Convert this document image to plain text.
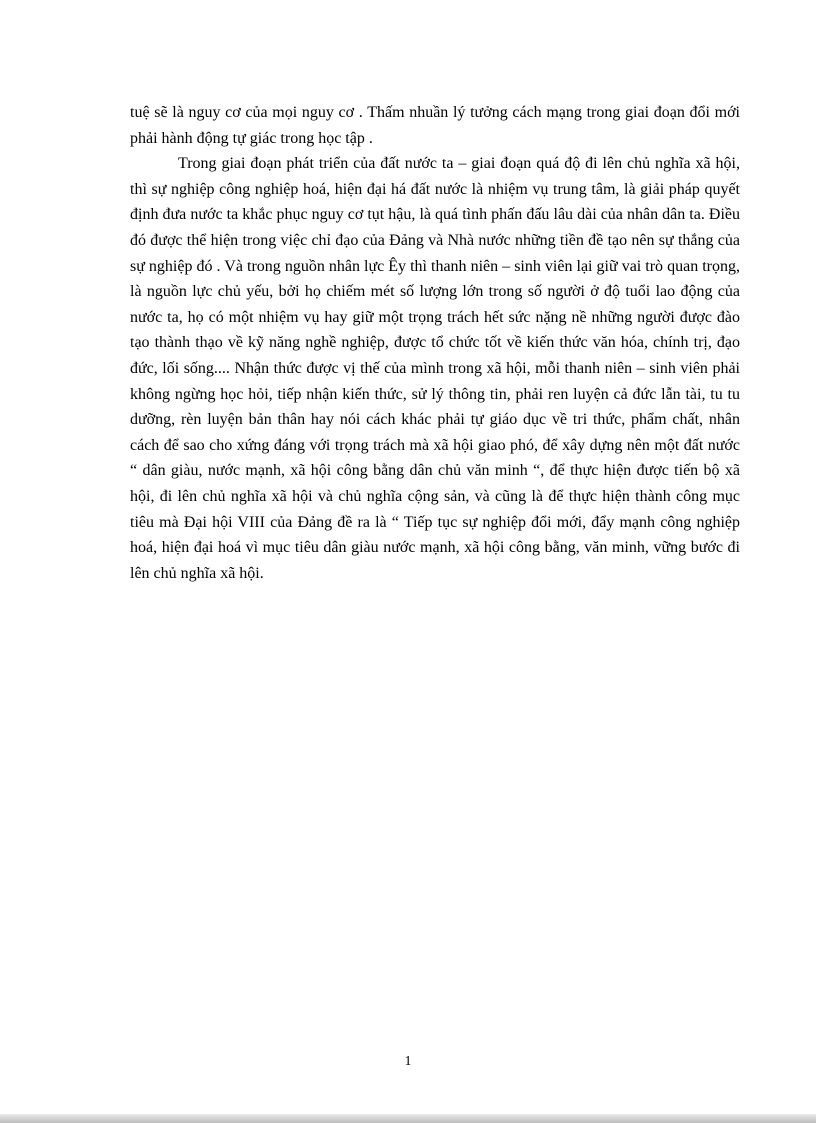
tuệ sẽ là nguy cơ của mọi nguy cơ . Thấm nhuần lý tưởng cách mạng trong giai đoạn đổi mới phải hành động tự giác trong học tập .

Trong giai đoạn phát triển của đất nước ta – giai đoạn quá độ đi lên chủ nghĩa xã hội, thì sự nghiệp công nghiệp hoá, hiện đại há đất nước là nhiệm vụ trung tâm, là giải pháp quyết định đưa nước ta khắc phục nguy cơ tụt hậu, là quá tình phấn đấu lâu dài của nhân dân ta. Điều đó được thể hiện trong việc chỉ đạo của Đảng và Nhà nước những tiền đề tạo nên sự thắng của sự nghiệp đó . Và trong nguồn nhân lực Êy thì thanh niên – sinh viên lại giữ vai trò quan trọng, là nguồn lực chủ yếu, bởi họ chiếm mét số lượng lớn trong số người ở độ tuổi lao động của nước ta, họ có một nhiệm vụ hay giữ một trọng trách hết sức nặng nề những người được đào tạo thành thạo về kỹ năng nghề nghiệp, được tổ chức tốt về kiến thức văn hóa, chính trị, đạo đức, lối sống.... Nhận thức được vị thế của mình trong xã hội, mỗi thanh niên – sinh viên phải không ngừng học hỏi, tiếp nhận kiến thức, sử lý thông tin, phải ren luyện cả đức lẫn tài, tu tu dưỡng, rèn luyện bản thân hay nói cách khác phải tự giáo dục về tri thức, phẩm chất, nhân cách để sao cho xứng đáng với trọng trách mà xã hội giao phó, để xây dựng nên một đất nước “ dân giàu, nước mạnh, xã hội công bằng dân chủ văn minh “, để thực hiện được tiến bộ xã hội, đi lên chủ nghĩa xã hội và chủ nghĩa cộng sản, và cũng là để thực hiện thành công mục tiêu mà Đại hội VIII của Đảng đề ra là “ Tiếp tục sự nghiệp đổi mới, đẩy mạnh công nghiệp hoá, hiện đại hoá vì mục tiêu dân giàu nước mạnh, xã hội công bằng, văn minh, vững bước đi lên chủ nghĩa xã hội.

1
